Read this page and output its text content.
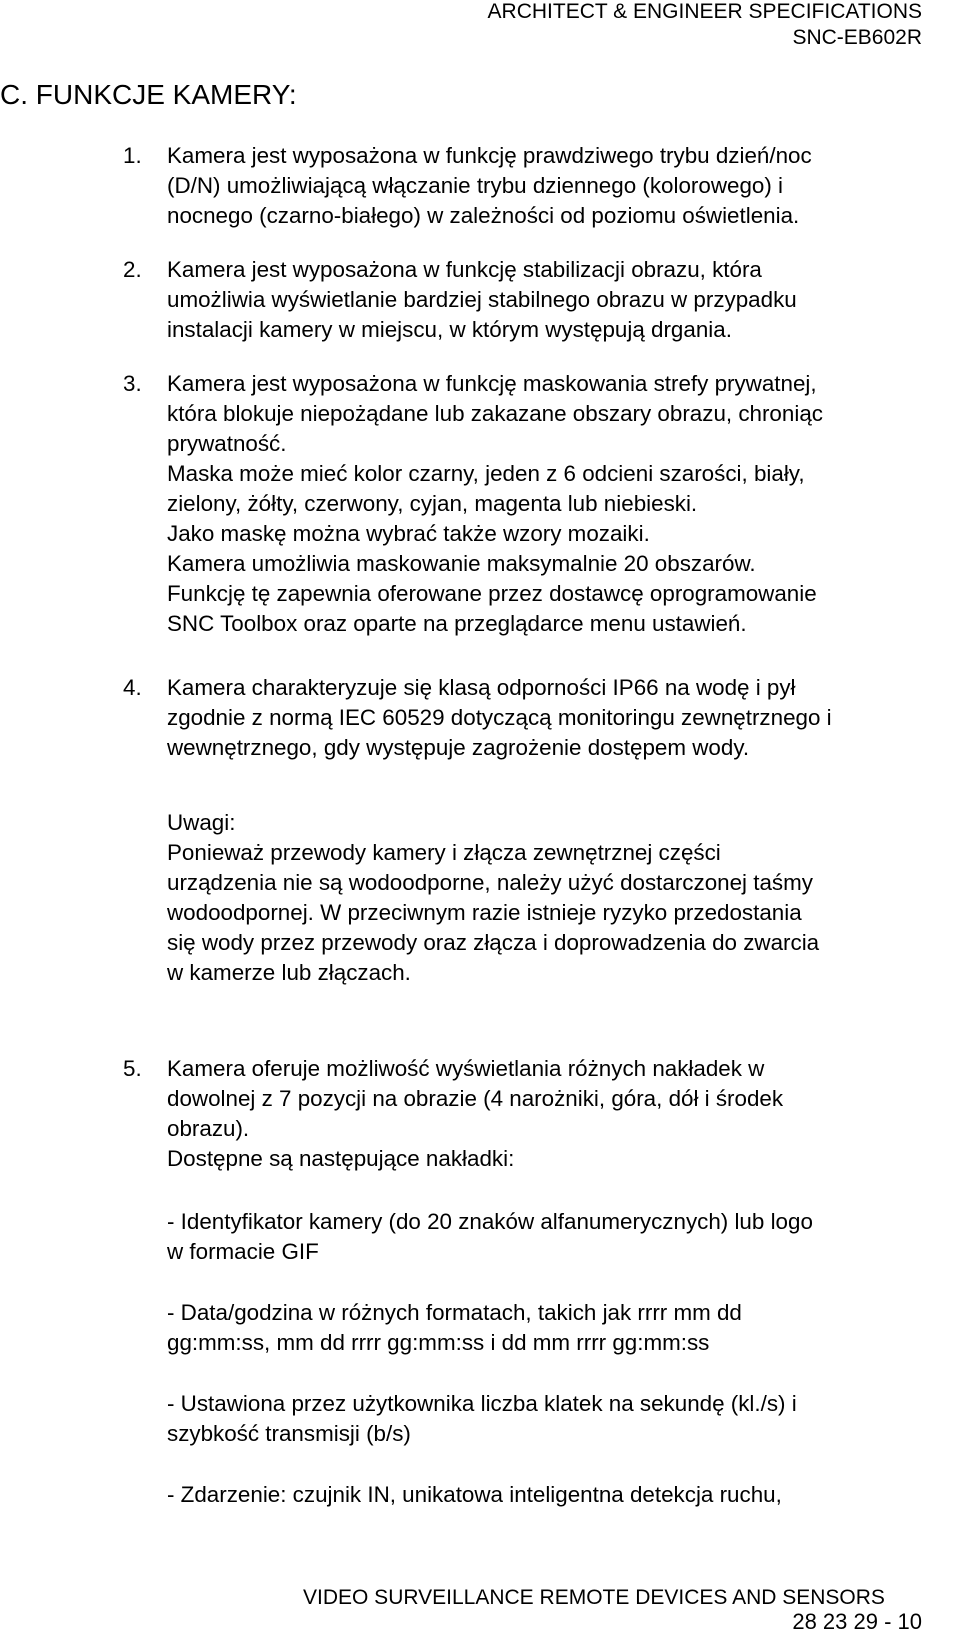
ARCHITECT & ENGINEER SPECIFICATIONS
SNC-EB602R
C. FUNKCJE KAMERY:
1. Kamera jest wyposażona w funkcję prawdziwego trybu dzień/noc
(D/N) umożliwiającą włączanie trybu dziennego (kolorowego) i
nocnego (czarno-białego) w zależności od poziomu oświetlenia.
2. Kamera jest wyposażona w funkcję stabilizacji obrazu, która
umożliwia wyświetlanie bardziej stabilnego obrazu w przypadku
instalacji kamery w miejscu, w którym występują drgania.
3. Kamera jest wyposażona w funkcję maskowania strefy prywatnej,
która blokuje niepożądane lub zakazane obszary obrazu, chroniąc
prywatność.
Maska może mieć kolor czarny, jeden z 6 odcieni szarości, biały,
zielony, żółty, czerwony, cyjan, magenta lub niebieski.
Jako maskę można wybrać także wzory mozaiki.
Kamera umożliwia maskowanie maksymalnie 20 obszarów.
Funkcję tę zapewnia oferowane przez dostawcę oprogramowanie
SNC Toolbox oraz oparte na przeglądarce menu ustawień.
4. Kamera charakteryzuje się klasą odporności IP66 na wodę i pył
zgodnie z normą IEC 60529 dotyczącą monitoringu zewnętrznego i
wewnętrznego, gdy występuje zagrożenie dostępem wody.
Uwagi:
Ponieważ przewody kamery i złącza zewnętrznej części
urządzenia nie są wodoodporne, należy użyć dostarczonej taśmy
wodoodpornej. W przeciwnym razie istnieje ryzyko przedostania
się wody przez przewody oraz złącza i doprowadzenia do zwarcia
w kamerze lub złączach.
5. Kamera oferuje możliwość wyświetlania różnych nakładek w
dowolnej z 7 pozycji na obrazie (4 narożniki, góra, dół i środek
obrazu).
Dostępne są następujące nakładki:
- Identyfikator kamery (do 20 znaków alfanumerycznych) lub logo
w formacie GIF
- Data/godzina w różnych formatach, takich jak rrrr mm dd
gg:mm:ss, mm dd rrrr gg:mm:ss i dd mm rrrr gg:mm:ss
- Ustawiona przez użytkownika liczba klatek na sekundę (kl./s) i
szybkość transmisji (b/s)
- Zdarzenie: czujnik IN, unikatowa inteligentna detekcja ruchu,
VIDEO SURVEILLANCE REMOTE DEVICES AND SENSORS
28 23 29 - 10
